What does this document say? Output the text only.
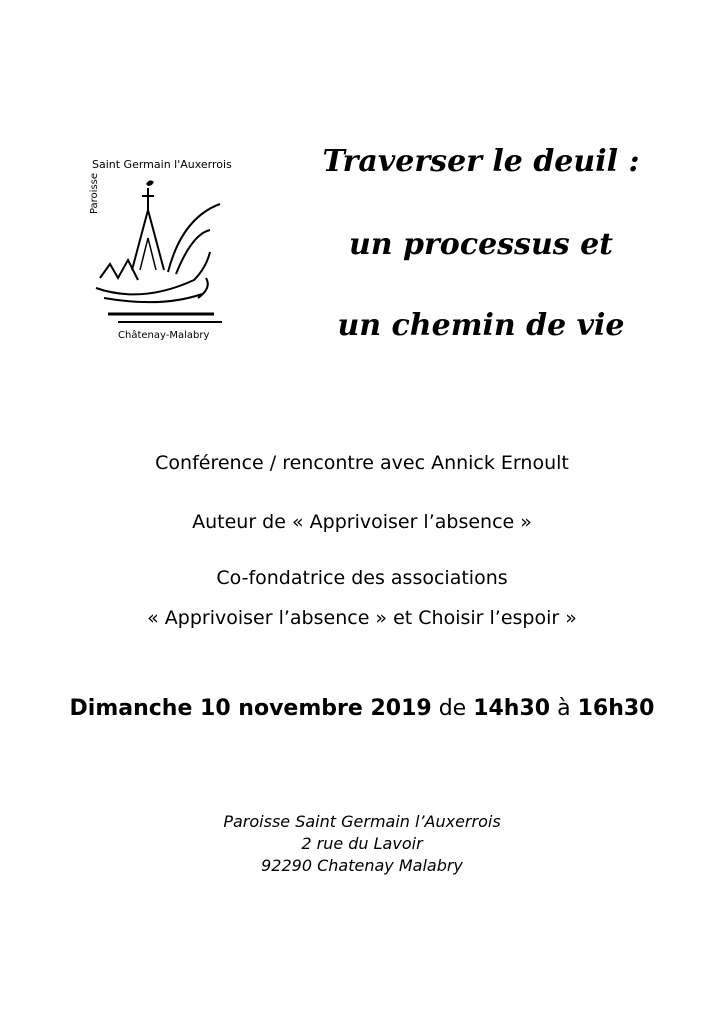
Saint Germain l'Auxerrois
Paroisse
Châtenay-Malabry
Traverser le deuil :
un processus et
un chemin de vie
Conférence / rencontre avec Annick Ernoult
Auteur de « Apprivoiser l’absence »
Co-fondatrice des associations
« Apprivoiser l’absence » et Choisir l’espoir »
Dimanche 10 novembre 2019 de 14h30 à 16h30
Paroisse Saint Germain l’Auxerrois
2 rue du Lavoir
92290 Chatenay Malabry
